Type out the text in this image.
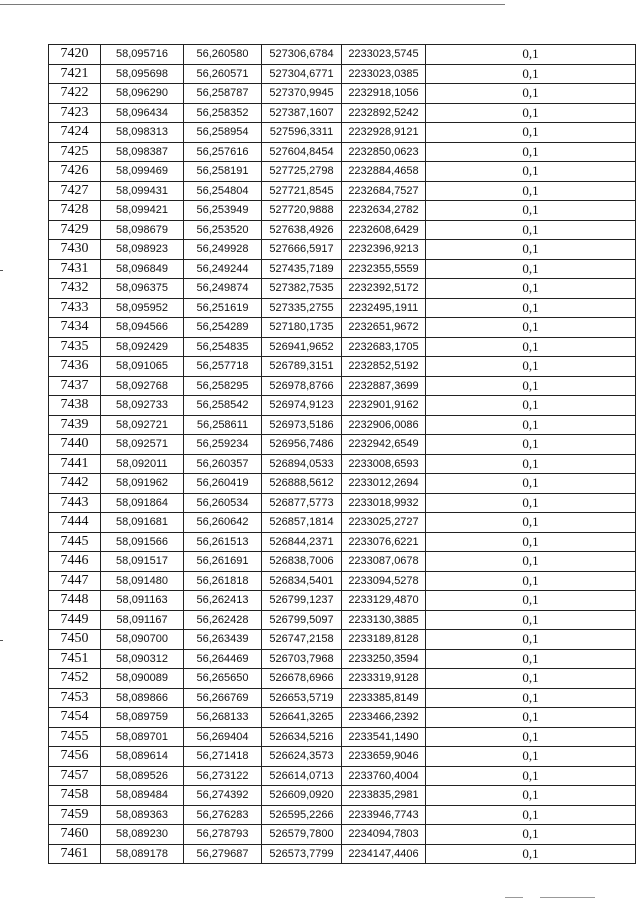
7420	58,095716	56,260580	527306,6784	2233023,5745	0,1
7421	58,095698	56,260571	527304,6771	2233023,0385	0,1
7422	58,096290	56,258787	527370,9945	2232918,1056	0,1
7423	58,096434	56,258352	527387,1607	2232892,5242	0,1
7424	58,098313	56,258954	527596,3311	2232928,9121	0,1
7425	58,098387	56,257616	527604,8454	2232850,0623	0,1
7426	58,099469	56,258191	527725,2798	2232884,4658	0,1
7427	58,099431	56,254804	527721,8545	2232684,7527	0,1
7428	58,099421	56,253949	527720,9888	2232634,2782	0,1
7429	58,098679	56,253520	527638,4926	2232608,6429	0,1
7430	58,098923	56,249928	527666,5917	2232396,9213	0,1
7431	58,096849	56,249244	527435,7189	2232355,5559	0,1
7432	58,096375	56,249874	527382,7535	2232392,5172	0,1
7433	58,095952	56,251619	527335,2755	2232495,1911	0,1
7434	58,094566	56,254289	527180,1735	2232651,9672	0,1
7435	58,092429	56,254835	526941,9652	2232683,1705	0,1
7436	58,091065	56,257718	526789,3151	2232852,5192	0,1
7437	58,092768	56,258295	526978,8766	2232887,3699	0,1
7438	58,092733	56,258542	526974,9123	2232901,9162	0,1
7439	58,092721	56,258611	526973,5186	2232906,0086	0,1
7440	58,092571	56,259234	526956,7486	2232942,6549	0,1
7441	58,092011	56,260357	526894,0533	2233008,6593	0,1
7442	58,091962	56,260419	526888,5612	2233012,2694	0,1
7443	58,091864	56,260534	526877,5773	2233018,9932	0,1
7444	58,091681	56,260642	526857,1814	2233025,2727	0,1
7445	58,091566	56,261513	526844,2371	2233076,6221	0,1
7446	58,091517	56,261691	526838,7006	2233087,0678	0,1
7447	58,091480	56,261818	526834,5401	2233094,5278	0,1
7448	58,091163	56,262413	526799,1237	2233129,4870	0,1
7449	58,091167	56,262428	526799,5097	2233130,3885	0,1
7450	58,090700	56,263439	526747,2158	2233189,8128	0,1
7451	58,090312	56,264469	526703,7968	2233250,3594	0,1
7452	58,090089	56,265650	526678,6966	2233319,9128	0,1
7453	58,089866	56,266769	526653,5719	2233385,8149	0,1
7454	58,089759	56,268133	526641,3265	2233466,2392	0,1
7455	58,089701	56,269404	526634,5216	2233541,1490	0,1
7456	58,089614	56,271418	526624,3573	2233659,9046	0,1
7457	58,089526	56,273122	526614,0713	2233760,4004	0,1
7458	58,089484	56,274392	526609,0920	2233835,2981	0,1
7459	58,089363	56,276283	526595,2266	2233946,7743	0,1
7460	58,089230	56,278793	526579,7800	2234094,7803	0,1
7461	58,089178	56,279687	526573,7799	2234147,4406	0,1
